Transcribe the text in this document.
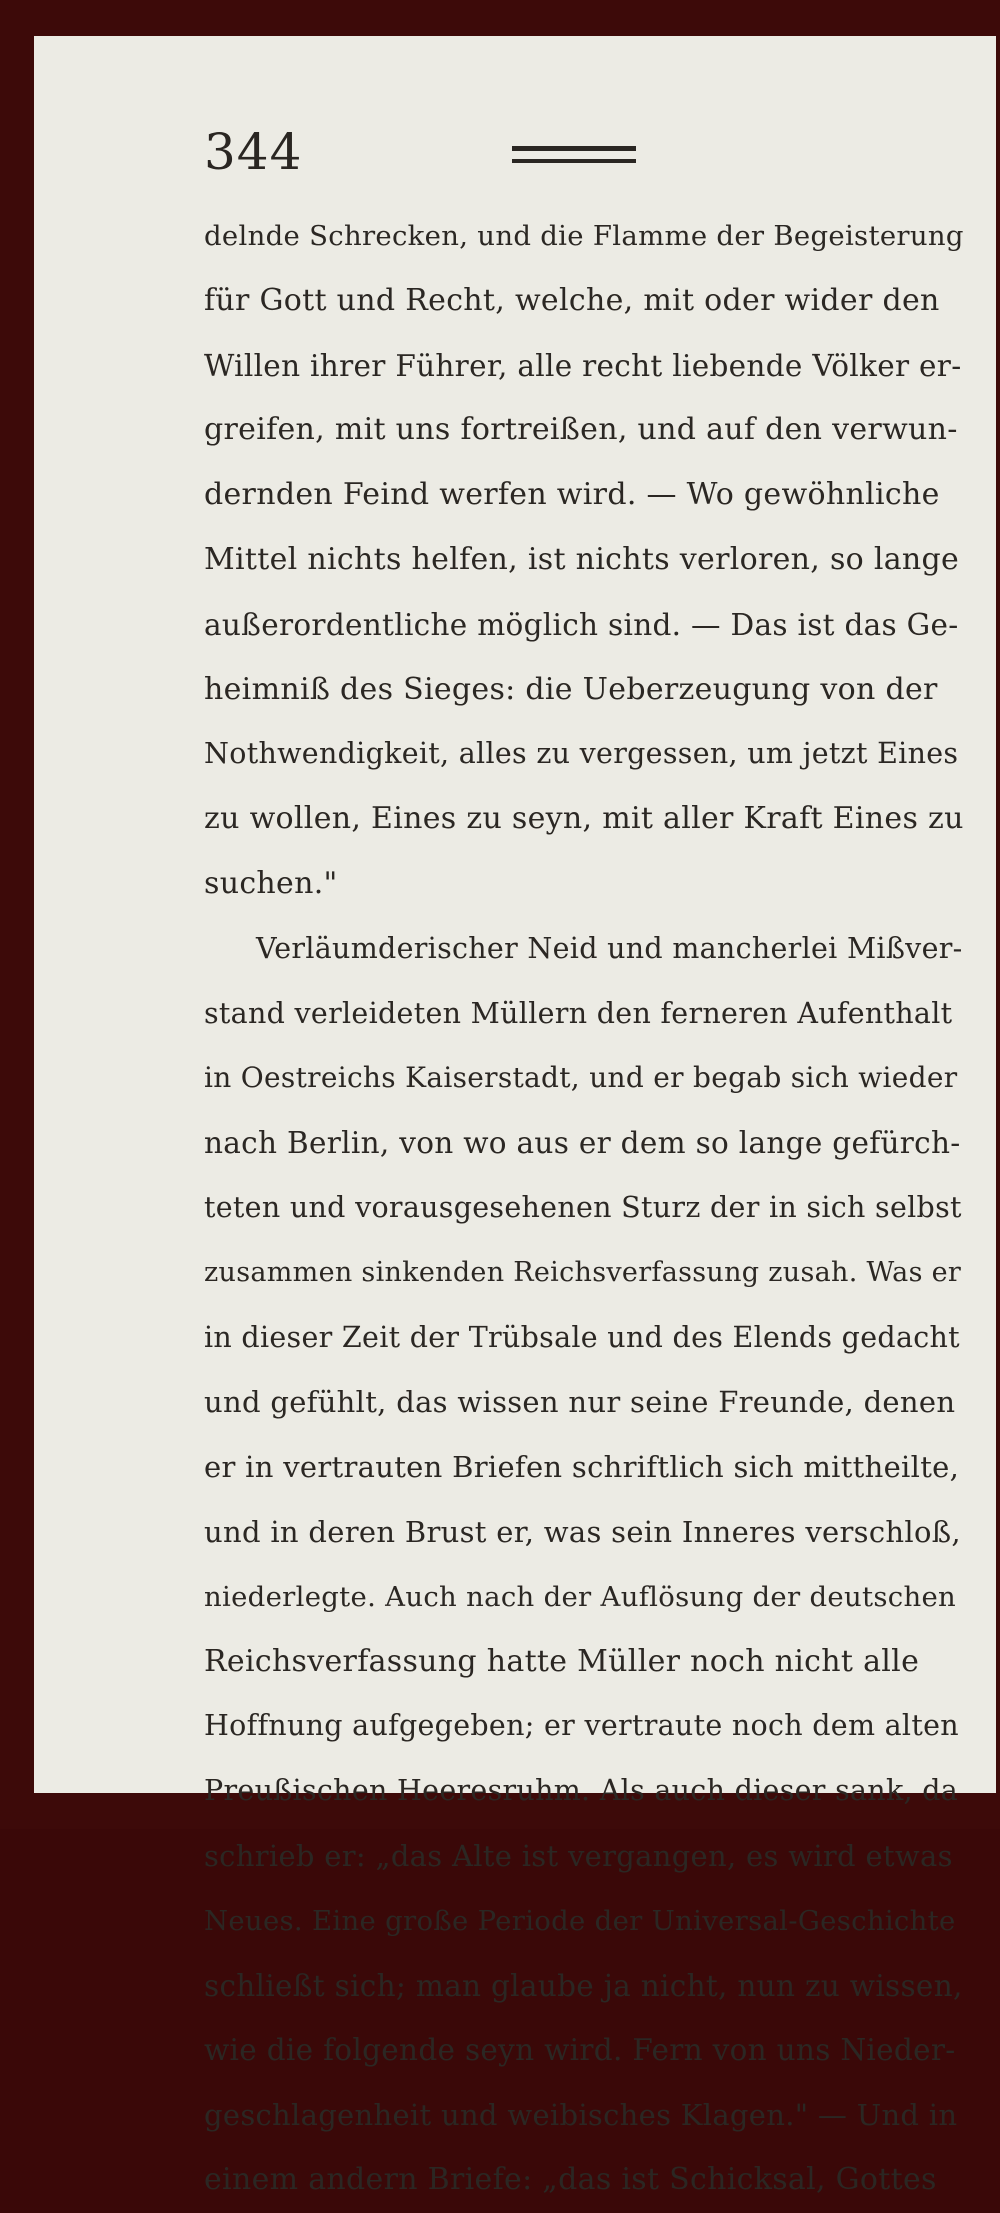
344
delnde Schrecken, und die Flamme der Begeisterung
für Gott und Recht, welche, mit oder wider den
Willen ihrer Führer, alle recht liebende Völker er-
greifen, mit uns fortreißen, und auf den verwun-
dernden Feind werfen wird. — Wo gewöhnliche
Mittel nichts helfen, ist nichts verloren, so lange
außerordentliche möglich sind. — Das ist das Ge-
heimniß des Sieges: die Ueberzeugung von der
Nothwendigkeit, alles zu vergessen, um jetzt Eines
zu wollen, Eines zu seyn, mit aller Kraft Eines zu
suchen."
Verläumderischer Neid und mancherlei Mißver-
stand verleideten Müllern den ferneren Aufenthalt
in Oestreichs Kaiserstadt, und er begab sich wieder
nach Berlin, von wo aus er dem so lange gefürch-
teten und vorausgesehenen Sturz der in sich selbst
zusammen sinkenden Reichsverfassung zusah. Was er
in dieser Zeit der Trübsale und des Elends gedacht
und gefühlt, das wissen nur seine Freunde, denen
er in vertrauten Briefen schriftlich sich mittheilte,
und in deren Brust er, was sein Inneres verschloß,
niederlegte. Auch nach der Auflösung der deutschen
Reichsverfassung hatte Müller noch nicht alle
Hoffnung aufgegeben; er vertraute noch dem alten
Preußischen Heeresruhm. Als auch dieser sank, da
schrieb er: „das Alte ist vergangen, es wird etwas
Neues. Eine große Periode der Universal-Geschichte
schließt sich; man glaube ja nicht, nun zu wissen,
wie die folgende seyn wird. Fern von uns Nieder-
geschlagenheit und weibisches Klagen." — Und in
einem andern Briefe: „das ist Schicksal, Gottes
